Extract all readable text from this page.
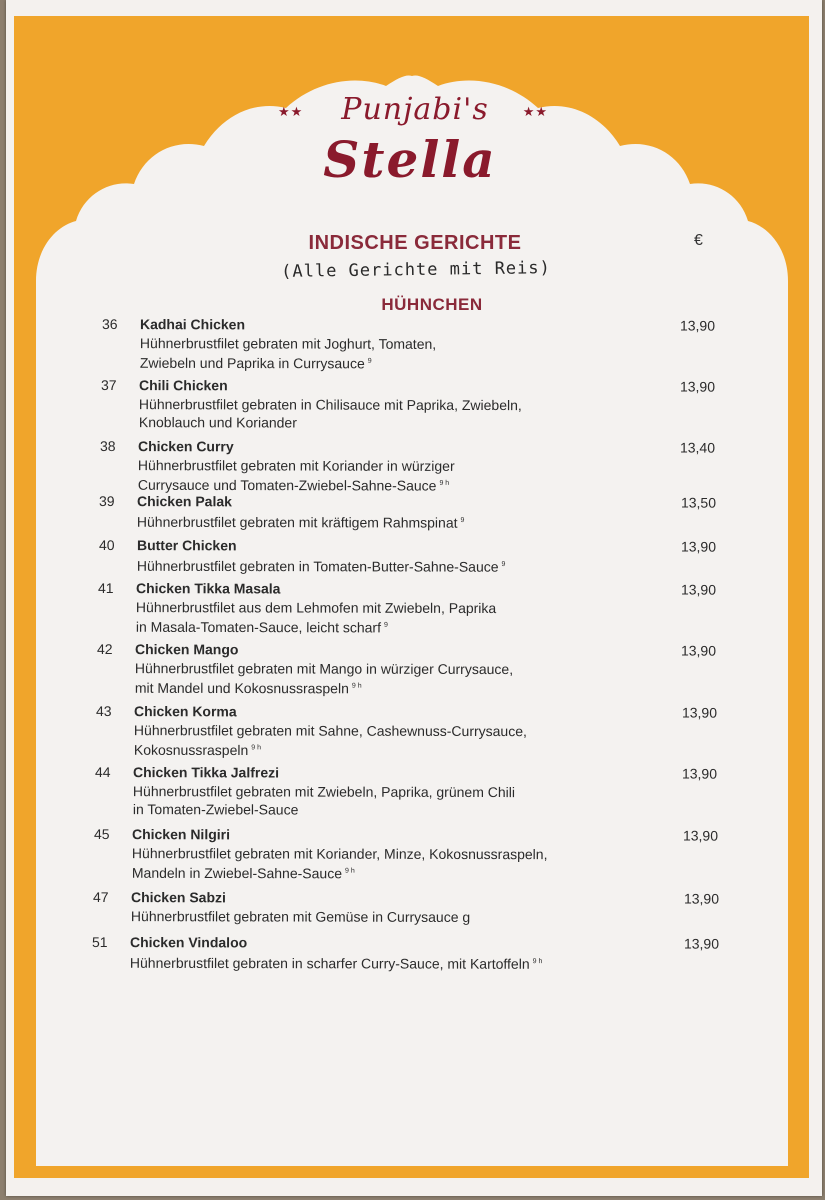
★★	Punjabi's
Stella
★★
INDISCHE GERICHTE	€
(Alle Gerichte mit Reis)
HÜHNCHEN
36	Kadhai Chicken
Hühnerbrustfilet gebraten mit Joghurt, Tomaten,
Zwiebeln und Paprika in Currysauce $^9$
13,90
37	Chili Chicken
Hühnerbrustfilet gebraten in Chilisauce mit Paprika, Zwiebeln,
Knoblauch und Koriander
13,90
38	Chicken Curry
Hühnerbrustfilet gebraten mit Koriander in würziger
Currysauce und Tomaten-Zwiebel-Sahne-Sauce $^{9 h}$
13,40
39	Chicken Palak
Hühnerbrustfilet gebraten mit kräftigem Rahmspinat $^9$
13,50
40	Butter Chicken
Hühnerbrustfilet gebraten in Tomaten-Butter-Sahne-Sauce $^9$
13,90
41	Chicken Tikka Masala
Hühnerbrustfilet aus dem Lehmofen mit Zwiebeln, Paprika
in Masala-Tomaten-Sauce, leicht scharf $^9$
13,90
42	Chicken Mango
Hühnerbrustfilet gebraten mit Mango in würziger Currysauce,
mit Mandel und Kokosnussraspeln $^{9 h}$
13,90
43	Chicken Korma
Hühnerbrustfilet gebraten mit Sahne, Cashewnuss-Currysauce,
Kokosnussraspeln $^{9 h}$
13,90
44	Chicken Tikka Jalfrezi
Hühnerbrustfilet gebraten mit Zwiebeln, Paprika, grünem Chili
in Tomaten-Zwiebel-Sauce
13,90
45	Chicken Nilgiri
Hühnerbrustfilet gebraten mit Koriander, Minze, Kokosnussraspeln,
Mandeln in Zwiebel-Sahne-Sauce $^{9 h}$
13,90
47	Chicken Sabzi
Hühnerbrustfilet gebraten mit Gemüse in Currysauce g
13,90
51	Chicken Vindaloo
Hühnerbrustfilet gebraten in scharfer Curry-Sauce, mit Kartoffeln $^{9 h}$
13,90
